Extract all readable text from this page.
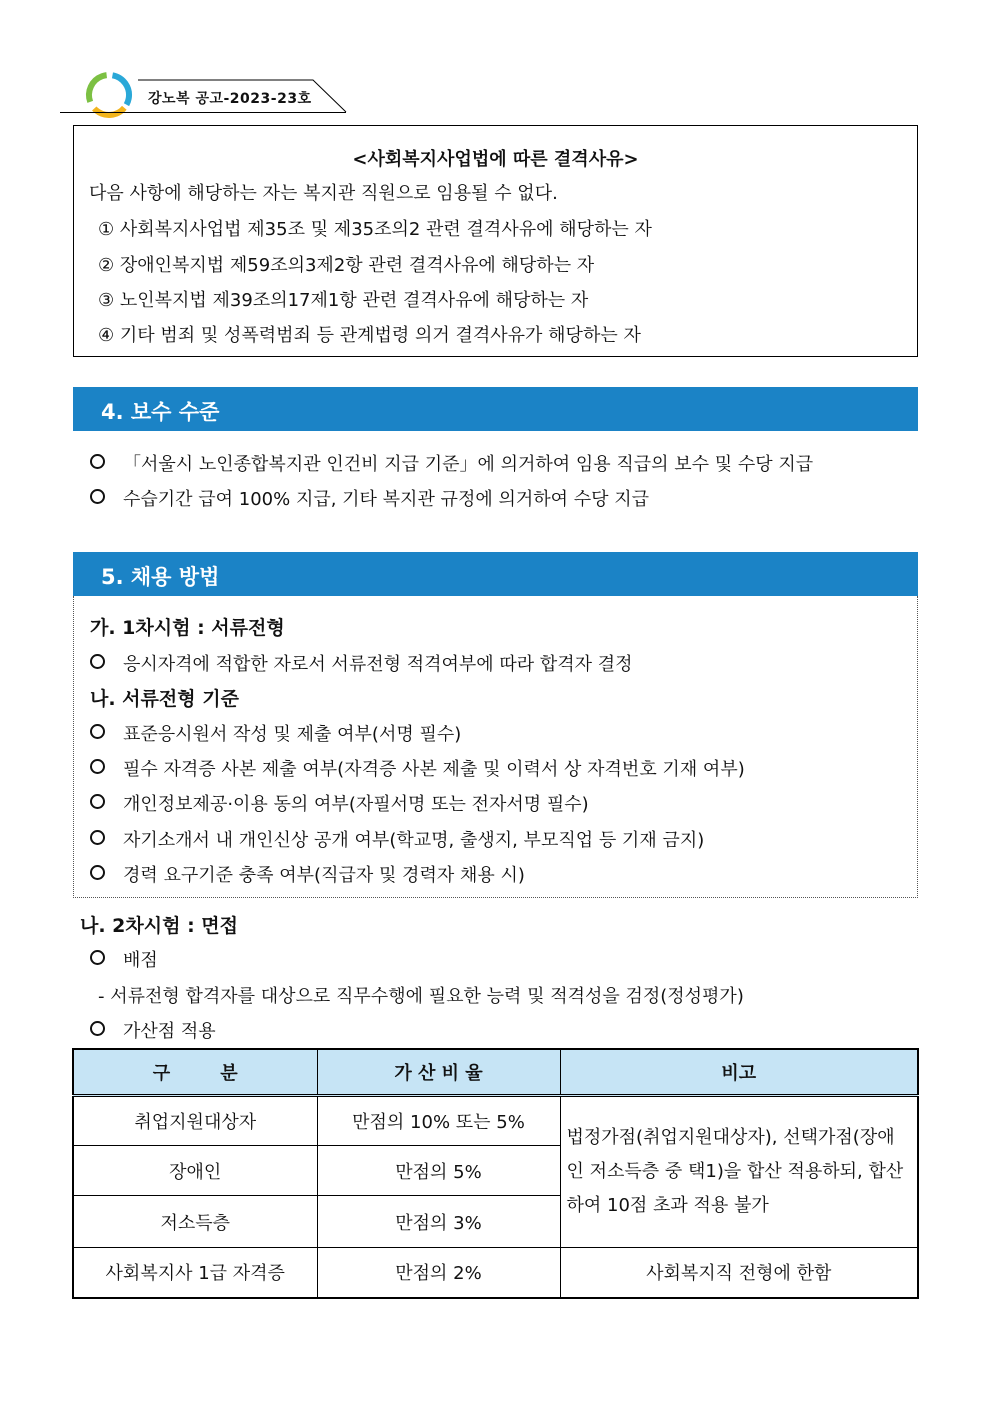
강노복 공고-2023-23호
<사회복지사업법에 따른 결격사유>
다음 사항에 해당하는 자는 복지관 직원으로 임용될 수 없다.
① 사회복지사업법 제35조 및 제35조의2 관련 결격사유에 해당하는 자
② 장애인복지법 제59조의3제2항 관련 결격사유에 해당하는 자
③ 노인복지법 제39조의17제1항 관련 결격사유에 해당하는 자
④ 기타 범죄 및 성폭력범죄 등 관계법령 의거 결격사유가 해당하는 자
4. 보수 수준
「서울시 노인종합복지관 인건비 지급 기준」에 의거하여 임용 직급의 보수 및 수당 지급
수습기간 급여 100% 지급, 기타 복지관 규정에 의거하여 수당 지급
5. 채용 방법
가. 1차시험 : 서류전형
응시자격에 적합한 자로서 서류전형 적격여부에 따라 합격자 결정
나. 서류전형 기준
표준응시원서 작성 및 제출 여부(서명 필수)
필수 자격증 사본 제출 여부(자격증 사본 제출 및 이력서 상 자격번호 기재 여부)
개인정보제공·이용 동의 여부(자필서명 또는 전자서명 필수)
자기소개서 내 개인신상 공개 여부(학교명, 출생지, 부모직업 등 기재 금지)
경력 요구기준 충족 여부(직급자 및 경력자 채용 시)
나. 2차시험 : 면접
배점
- 서류전형 합격자를 대상으로 직무수행에 필요한 능력 및 적격성을 검정(정성평가)
가산점 적용
구        분	가 산 비 율	비고
취업지원대상자	만점의 10% 또는 5%	법정가점(취업지원대상자), 선택가점(장애인 저소득층 중 택1)을 합산 적용하되, 합산하여 10점 초과 적용 불가
장애인	만점의 5%	
저소득층	만점의 3%	
사회복지사 1급 자격증	만점의 2%	사회복지직 전형에 한함
